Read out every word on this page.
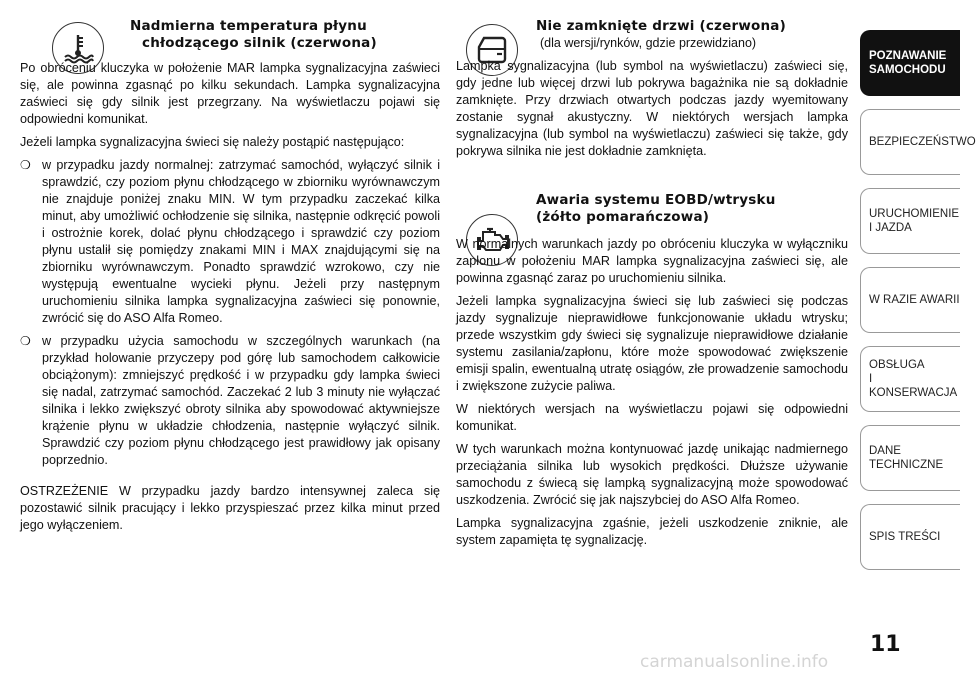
Nadmierna temperatura płynu

chłodzącego silnik (czerwona)

Po obróceniu kluczyka w położenie MAR lampka sygnalizacyjna zaświeci się, ale powinna zgasnąć po kilku sekundach. Lampka sygnalizacyjna zaświeci się gdy silnik jest przegrzany. Na wyświetlaczu pojawi się odpowiedni komunikat.

Jeżeli lampka sygnalizacyjna świeci się należy postąpić następująco:

❍ w przypadku jazdy normalnej: zatrzymać samochód, wyłączyć silnik i sprawdzić, czy poziom płynu chłodzącego w zbiorniku wyrównawczym nie znajduje poniżej znaku MIN. W tym przypadku zaczekać kilka minut, aby umożliwić ochłodzenie się silnika, następnie odkręcić powoli i ostrożnie korek, dolać płynu chłodzącego i sprawdzić czy poziom płynu ustalił się pomiędzy znakami MIN i MAX znajdującymi się na zbiorniku wyrównawczym. Ponadto sprawdzić wzrokowo, czy nie występują ewentualne wycieki płynu. Jeżeli przy następnym uruchomieniu silnika lampka sygnalizacyjna zaświeci się ponownie, zwrócić się do ASO Alfa Romeo.
❍ w przypadku użycia samochodu w szczególnych warunkach (na przykład holowanie przyczepy pod górę lub samochodem całkowicie obciążonym): zmniejszyć prędkość i w przypadku gdy lampka świeci się nadal, zatrzymać samochód. Zaczekać 2 lub 3 minuty nie wyłączać silnika i lekko zwiększyć obroty silnika aby spowodować aktywniejsze krążenie płynu w układzie chłodzenia, następnie wyłączyć silnik. Sprawdzić czy poziom płynu chłodzącego jest prawidłowy jak opisany poprzednio.

OSTRZEŻENIE W przypadku jazdy bardzo intensywnej zaleca się pozostawić silnik pracujący i lekko przyspieszać przez kilka minut przed jego wyłączeniem.

Nie zamknięte drzwi (czerwona)

(dla wersji/rynków, gdzie przewidziano)

Lampka sygnalizacyjna (lub symbol na wyświetlaczu) zaświeci się, gdy jedne lub więcej drzwi lub pokrywa bagażnika nie są dokładnie zamknięte. Przy drzwiach otwartych podczas jazdy wyemitowany zostanie sygnał akustyczny. W niektórych wersjach lampka sygnalizacyjna (lub symbol na wyświetlaczu) zaświeci się także, gdy pokrywa silnika nie jest dokładnie zamknięta.

Awaria systemu EOBD/wtrysku

(żółto pomarańczowa)

W normalnych warunkach jazdy po obróceniu kluczyka w wyłączniku zapłonu w położeniu MAR lampka sygnalizacyjna zaświeci się, ale powinna zgasnąć zaraz po uruchomieniu silnika.

Jeżeli lampka sygnalizacyjna świeci się lub zaświeci się podczas jazdy sygnalizuje nieprawidłowe funkcjonowanie układu wtrysku; przede wszystkim gdy świeci się sygnalizuje nieprawidłowe działanie systemu zasilania/zapłonu, które może spowodować zwiększenie emisji spalin, ewentualną utratę osiągów, złe prowadzenie samochodu i zwiększone zużycie paliwa.

W niektórych wersjach na wyświetlaczu pojawi się odpowiedni komunikat.

W tych warunkach można kontynuować jazdę unikając nadmiernego przeciążania silnika lub wysokich prędkości. Dłuższe używanie samochodu z świecą się lampką sygnalizacyjną może spowodować uszkodzenia. Zwrócić się jak najszybciej do ASO Alfa Romeo.

Lampka sygnalizacyjna zgaśnie, jeżeli uszkodzenie zniknie, ale system zapamięta tę sygnalizację.

POZNAWANIE
SAMOCHODU
BEZPIECZEŃSTWO
URUCHOMIENIE
I JAZDA
W RAZIE AWARII
OBSŁUGA
I KONSERWACJA
DANE
TECHNICZNE
SPIS TREŚCI
11
carmanualsonline.info
